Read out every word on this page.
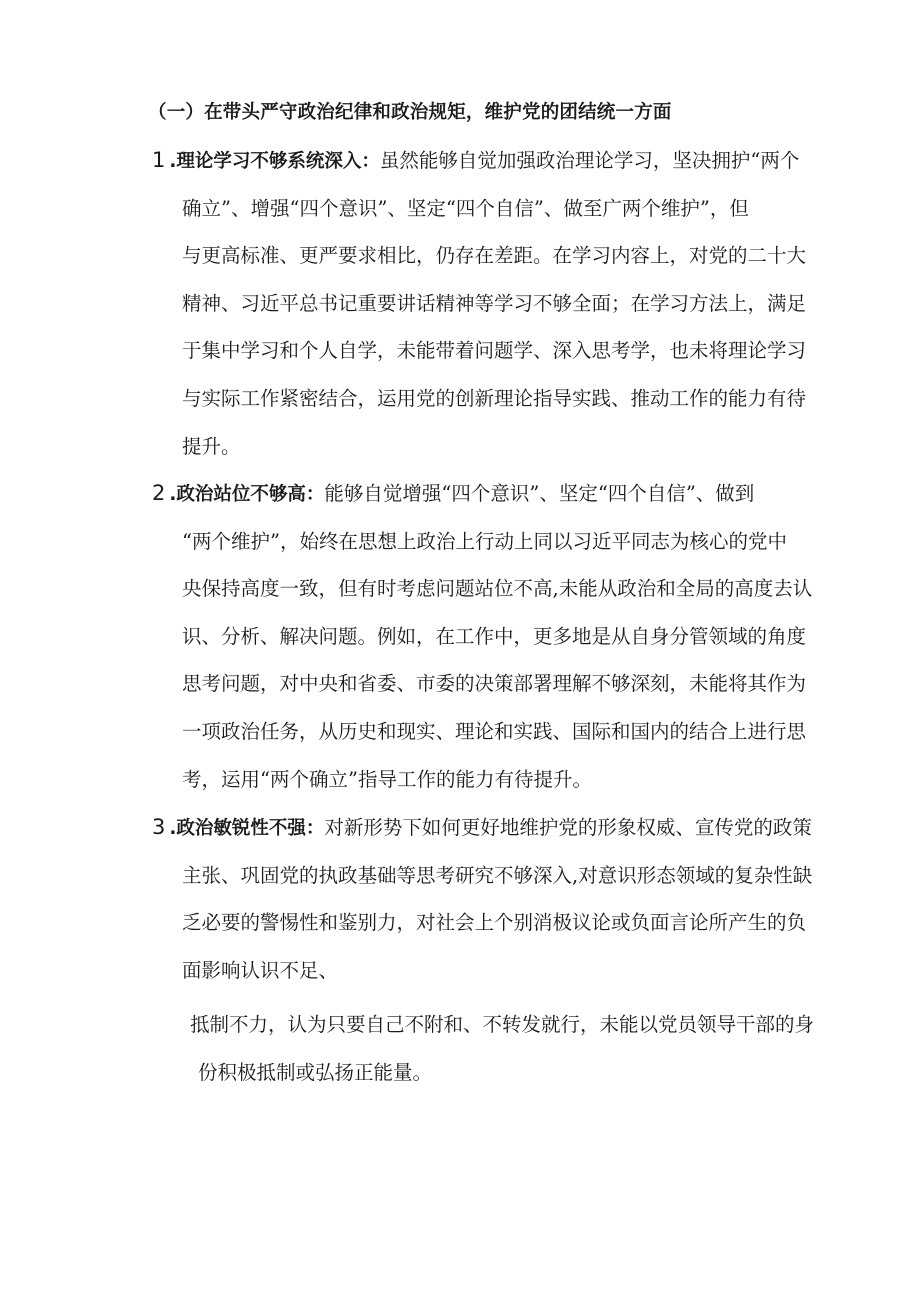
（一）在带头严守政治纪律和政治规矩，维护党的团结统一方面
1 .理论学习不够系统深入：虽然能够自觉加强政治理论学习，坚决拥护“两个
确立”、增强“四个意识”、坚定“四个自信”、做至广两个维护”，但
与更高标准、更严要求相比，仍存在差距。在学习内容上，对党的二十大
精神、习近平总书记重要讲话精神等学习不够全面；在学习方法上，满足
于集中学习和个人自学，未能带着问题学、深入思考学，也未将理论学习
与实际工作紧密结合，运用党的创新理论指导实践、推动工作的能力有待
提升。
2 .政治站位不够高：能够自觉增强“四个意识”、坚定“四个自信”、做到
“两个维护”，始终在思想上政治上行动上同以习近平同志为核心的党中
央保持高度一致，但有时考虑问题站位不高,未能从政治和全局的高度去认
识、分析、解决问题。例如，在工作中，更多地是从自身分管领域的角度
思考问题，对中央和省委、市委的决策部署理解不够深刻，未能将其作为
一项政治任务，从历史和现实、理论和实践、国际和国内的结合上进行思
考，运用“两个确立”指导工作的能力有待提升。
3 .政治敏锐性不强：对新形势下如何更好地维护党的形象权威、宣传党的政策
主张、巩固党的执政基础等思考研究不够深入,对意识形态领域的复杂性缺
乏必要的警惕性和鉴别力，对社会上个别消极议论或负面言论所产生的负
面影响认识不足、
抵制不力，认为只要自己不附和、不转发就行，未能以党员领导干部的身
份积极抵制或弘扬正能量。
